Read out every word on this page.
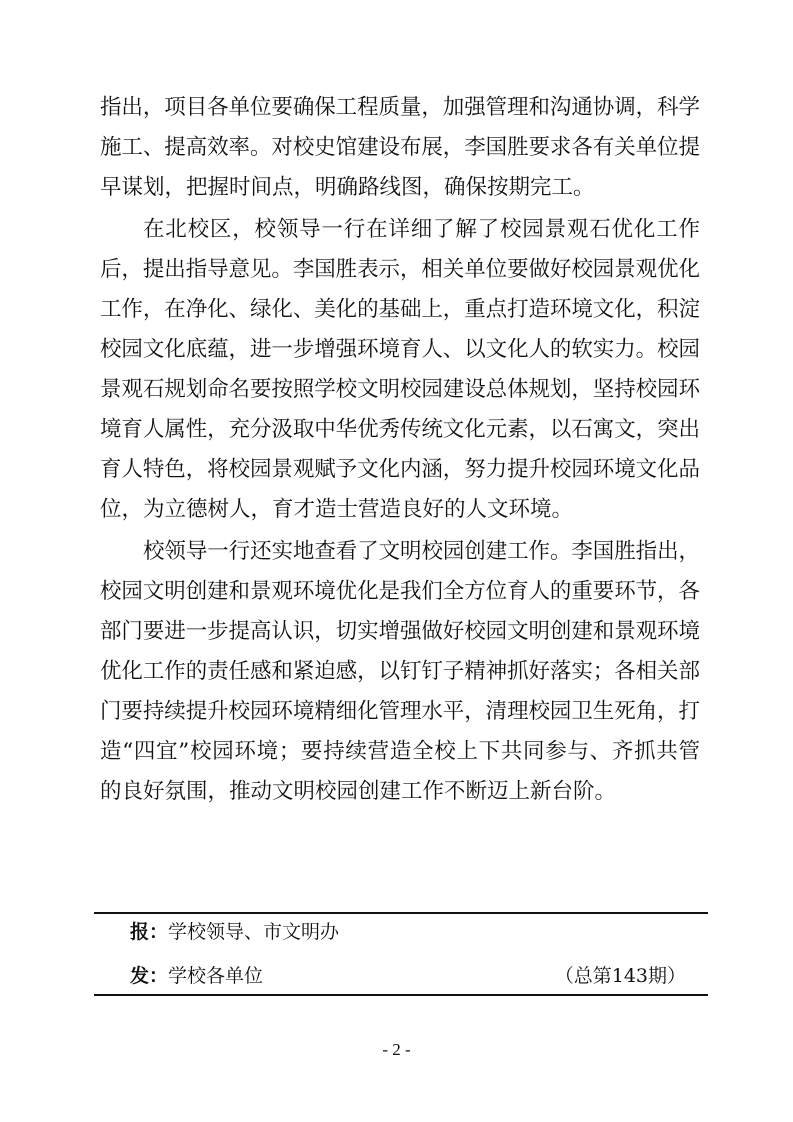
指出，项目各单位要确保工程质量，加强管理和沟通协调，科学
施工、提高效率。对校史馆建设布展，李国胜要求各有关单位提
早谋划，把握时间点，明确路线图，确保按期完工。
在北校区，校领导一行在详细了解了校园景观石优化工作
后，提出指导意见。李国胜表示，相关单位要做好校园景观优化
工作，在净化、绿化、美化的基础上，重点打造环境文化，积淀
校园文化底蕴，进一步增强环境育人、以文化人的软实力。校园
景观石规划命名要按照学校文明校园建设总体规划，坚持校园环
境育人属性，充分汲取中华优秀传统文化元素，以石寓文，突出
育人特色，将校园景观赋予文化内涵，努力提升校园环境文化品
位，为立德树人，育才造士营造良好的人文环境。
校领导一行还实地查看了文明校园创建工作。李国胜指出，
校园文明创建和景观环境优化是我们全方位育人的重要环节，各
部门要进一步提高认识，切实增强做好校园文明创建和景观环境
优化工作的责任感和紧迫感，以钉钉子精神抓好落实；各相关部
门要持续提升校园环境精细化管理水平，清理校园卫生死角，打
造“四宜”校园环境；要持续营造全校上下共同参与、齐抓共管
的良好氛围，推动文明校园创建工作不断迈上新台阶。
报：学校领导、市文明办
发：学校各单位	（总第143期）
- 2 -
